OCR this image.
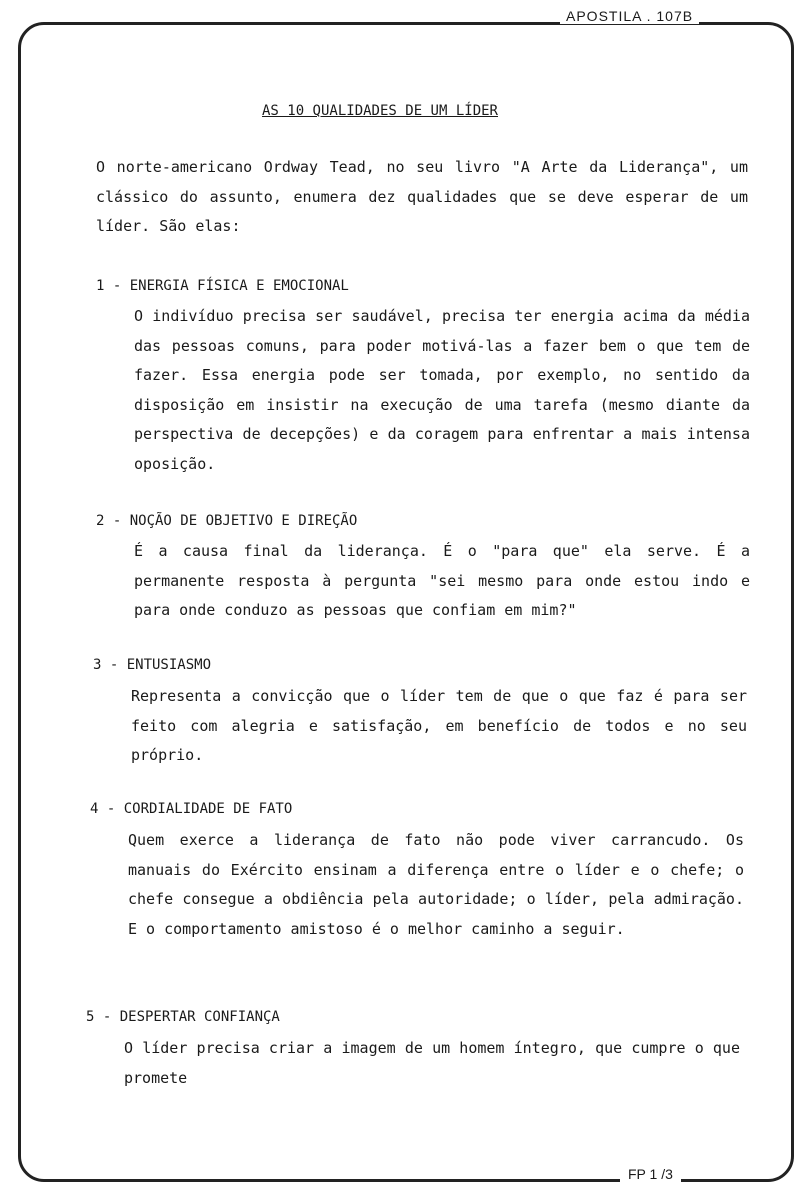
APOSTILA . 107B
AS 10 QUALIDADES DE UM LÍDER
O norte-americano Ordway Tead, no seu livro "A Arte da Liderança", um clássico do assunto, enumera dez qualidades que se deve esperar de um líder. São elas:
1 - ENERGIA FÍSICA E EMOCIONAL
O indivíduo precisa ser saudável, precisa ter energia acima da média das pessoas comuns, para poder motivá-las a fazer bem o que tem de fazer. Essa energia pode ser tomada, por exemplo, no sentido da disposição em insistir na execução de uma tarefa (mesmo diante da perspectiva de decepções) e da coragem para enfrentar a mais intensa oposição.
2 - NOÇÃO DE OBJETIVO E DIREÇÃO
É a causa final da liderança. É o "para que" ela serve. É a permanente resposta à pergunta "sei mesmo para onde estou indo e para onde conduzo as pessoas que confiam em mim?"
3 - ENTUSIASMO
Representa a convicção que o líder tem de que o que faz é para ser feito com alegria e satisfação, em benefício de todos e no seu próprio.
4 - CORDIALIDADE DE FATO
Quem exerce a liderança de fato não pode viver carrancudo. Os manuais do Exército ensinam a diferença entre o líder e o chefe; o chefe consegue a obdiência pela autoridade; o líder, pela admiração. E o comportamento amistoso é o melhor caminho a seguir.
5 - DESPERTAR CONFIANÇA
O líder precisa criar a imagem de um homem íntegro, que cumpre o que promete
FP 1 /3
